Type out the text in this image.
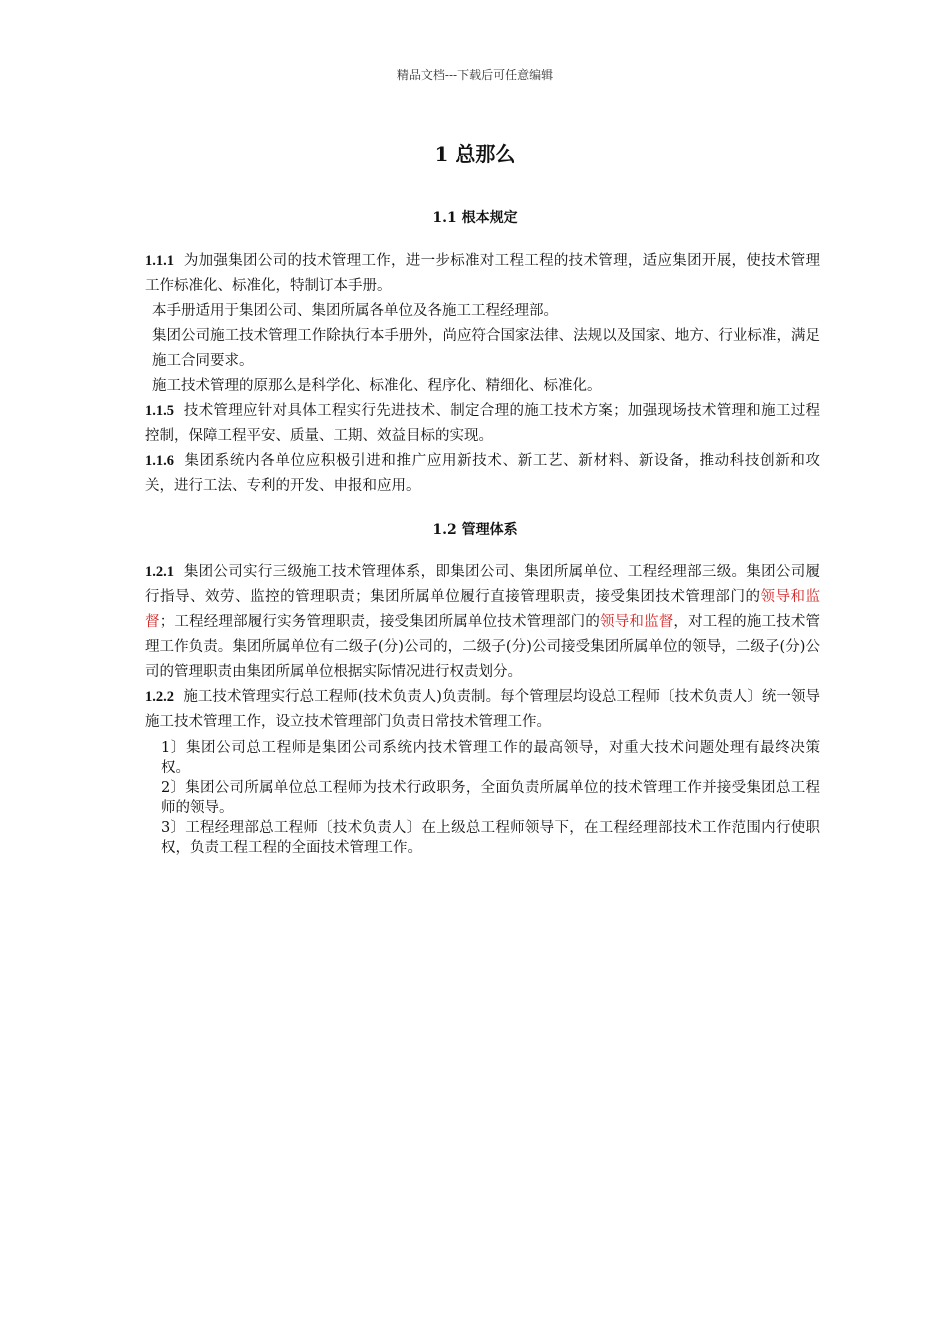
精品文档---下载后可任意编辑
1 总那么
1.1 根本规定

1.1.1 为加强集团公司的技术管理工作，进一步标准对工程工程的技术管理，适应集团开展，使技术管理工作标准化、标准化，特制订本手册。

本手册适用于集团公司、集团所属各单位及各施工工程经理部。

集团公司施工技术管理工作除执行本手册外，尚应符合国家法律、法规以及国家、地方、行业标准，满足施工合同要求。

施工技术管理的原那么是科学化、标准化、程序化、精细化、标准化。

1.1.5 技术管理应针对具体工程实行先进技术、制定合理的施工技术方案；加强现场技术管理和施工过程控制，保障工程平安、质量、工期、效益目标的实现。

1.1.6 集团系统内各单位应积极引进和推广应用新技术、新工艺、新材料、新设备，推动科技创新和攻关，进行工法、专利的开发、申报和应用。

1.2 管理体系

1.2.1 集团公司实行三级施工技术管理体系，即集团公司、集团所属单位、工程经理部三级。集团公司履行指导、效劳、监控的管理职责；集团所属单位履行直接管理职责，接受集团技术管理部门的领导和监督；工程经理部履行实务管理职责，接受集团所属单位技术管理部门的领导和监督，对工程的施工技术管理工作负责。集团所属单位有二级子(分)公司的，二级子(分)公司接受集团所属单位的领导，二级子(分)公司的管理职责由集团所属单位根据实际情况进行权责划分。

1.2.2 施工技术管理实行总工程师(技术负责人)负责制。每个管理层均设总工程师〔技术负责人〕统一领导施工技术管理工作，设立技术管理部门负责日常技术管理工作。

1〕集团公司总工程师是集团公司系统内技术管理工作的最高领导，对重大技术问题处理有最终决策权。

2〕集团公司所属单位总工程师为技术行政职务，全面负责所属单位的技术管理工作并接受集团总工程师的领导。

3〕工程经理部总工程师〔技术负责人〕在上级总工程师领导下，在工程经理部技术工作范围内行使职权，负责工程工程的全面技术管理工作。
